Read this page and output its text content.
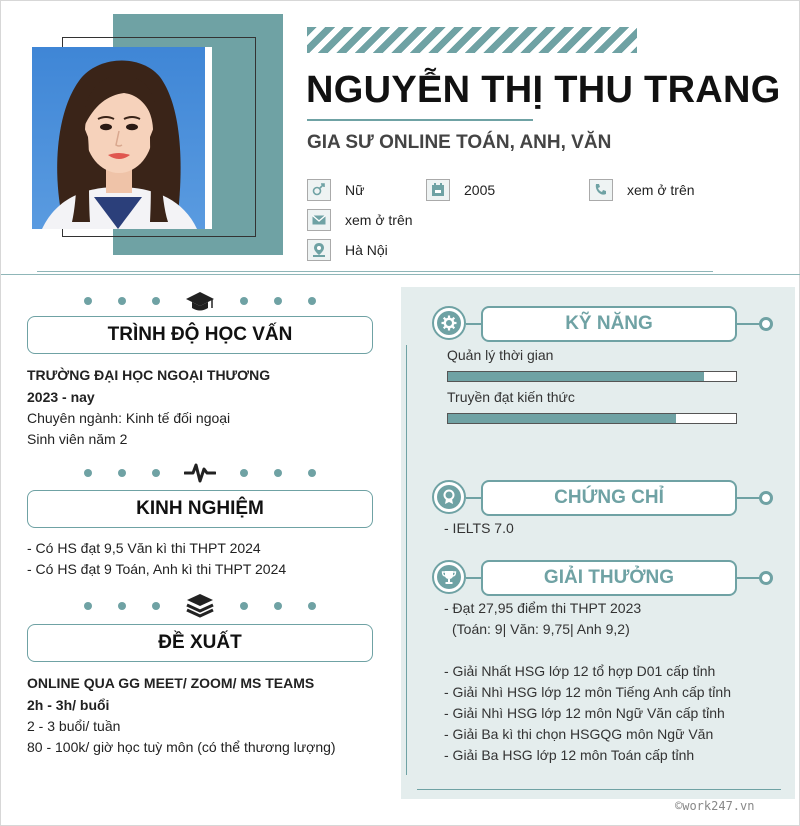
NGUYỄN THỊ THU TRANG
GIA SƯ ONLINE TOÁN, ANH, VĂN
Nữ	2005	xem ở trên
xem ở trên
Hà Nội
TRÌNH ĐỘ HỌC VẤN
TRƯỜNG ĐẠI HỌC NGOẠI THƯƠNG
2023 - nay
Chuyên ngành: Kinh tế đối ngoại
Sinh viên năm 2
KINH NGHIỆM
- Có HS đạt 9,5 Văn kì thi THPT 2024
- Có HS đạt 9 Toán, Anh kì thi THPT 2024
ĐỀ XUẤT
ONLINE QUA GG MEET/ ZOOM/ MS TEAMS
2h - 3h/ buổi
2 - 3 buổi/ tuần
80 - 100k/ giờ học tuỳ môn (có thể thương lượng)
KỸ NĂNG
Quản lý thời gian
Truyền đạt kiến thức
CHỨNG CHỈ
- IELTS 7.0
GIẢI THƯỞNG
- Đạt 27,95 điểm thi THPT 2023
(Toán: 9| Văn: 9,75| Anh 9,2)
- Giải Nhất HSG lớp 12 tổ hợp D01 cấp tỉnh
- Giải Nhì HSG lớp 12 môn Tiếng Anh cấp tỉnh
- Giải Nhì HSG lớp 12 môn Ngữ Văn cấp tỉnh
- Giải Ba kì thi chọn HSGQG môn Ngữ Văn
- Giải Ba HSG lớp 12 môn Toán cấp tỉnh
©work247.vn
